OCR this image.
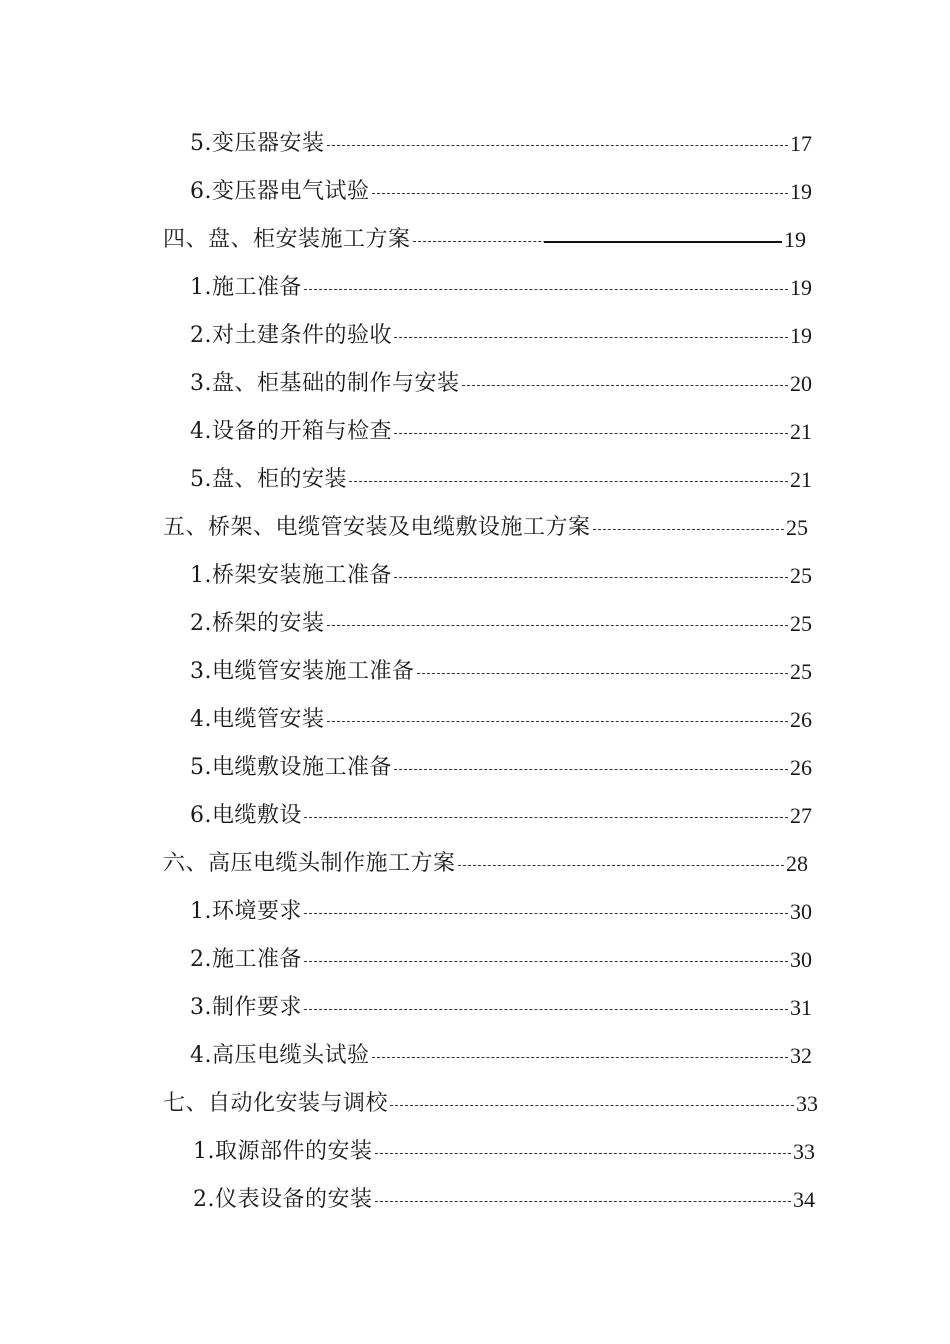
5.变压器安装	17
6.变压器电气试验	19
四、盘、柜安装施工方案	19
1.施工准备	19
2.对土建条件的验收	19
3.盘、柜基础的制作与安装	20
4.设备的开箱与检查	21
5.盘、柜的安装	21
五、桥架、电缆管安装及电缆敷设施工方案	25
1.桥架安装施工准备	25
2.桥架的安装	25
3.电缆管安装施工准备	25
4.电缆管安装	26
5.电缆敷设施工准备	26
6.电缆敷设	27
六、高压电缆头制作施工方案	28
1.环境要求	30
2.施工准备	30
3.制作要求	31
4.高压电缆头试验	32
七、自动化安装与调校	33
1.取源部件的安装	33
2.仪表设备的安装	34
